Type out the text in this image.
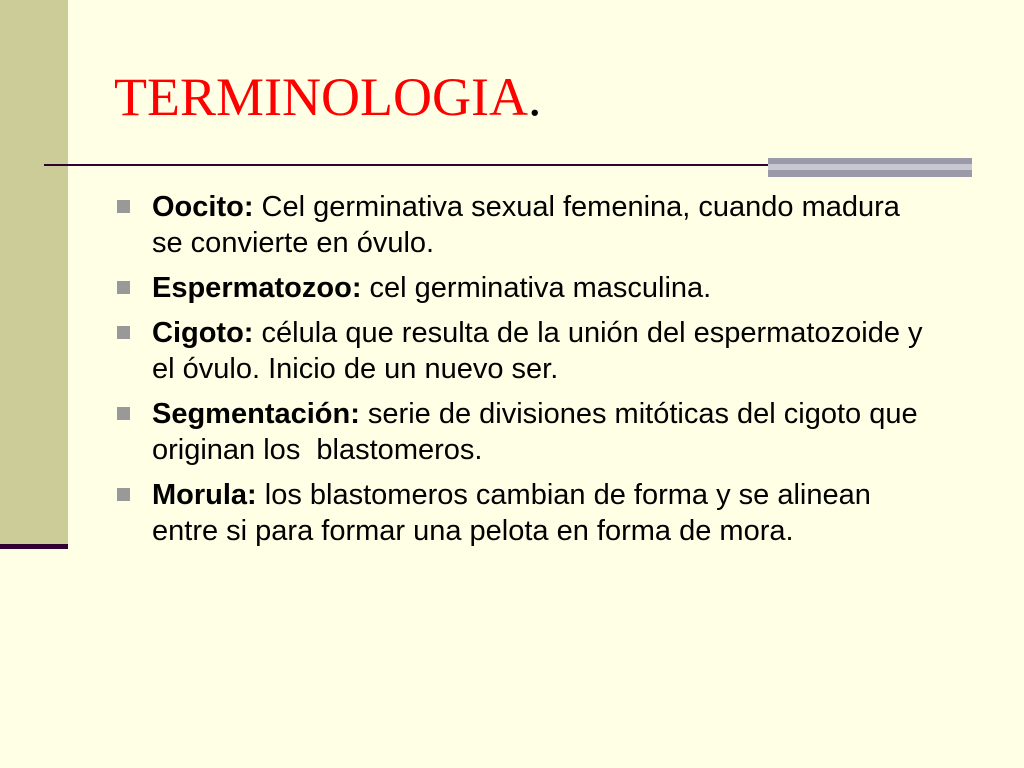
TERMINOLOGIA.
Oocito: Cel germinativa sexual femenina, cuando madura se convierte en óvulo.
Espermatozoo: cel germinativa masculina.
Cigoto: célula que resulta de la unión del espermatozoide y el óvulo. Inicio de un nuevo ser.
Segmentación: serie de divisiones mitóticas del cigoto que originan los  blastomeros.
Morula: los blastomeros cambian de forma y se alinean entre si para formar una pelota en forma de mora.
